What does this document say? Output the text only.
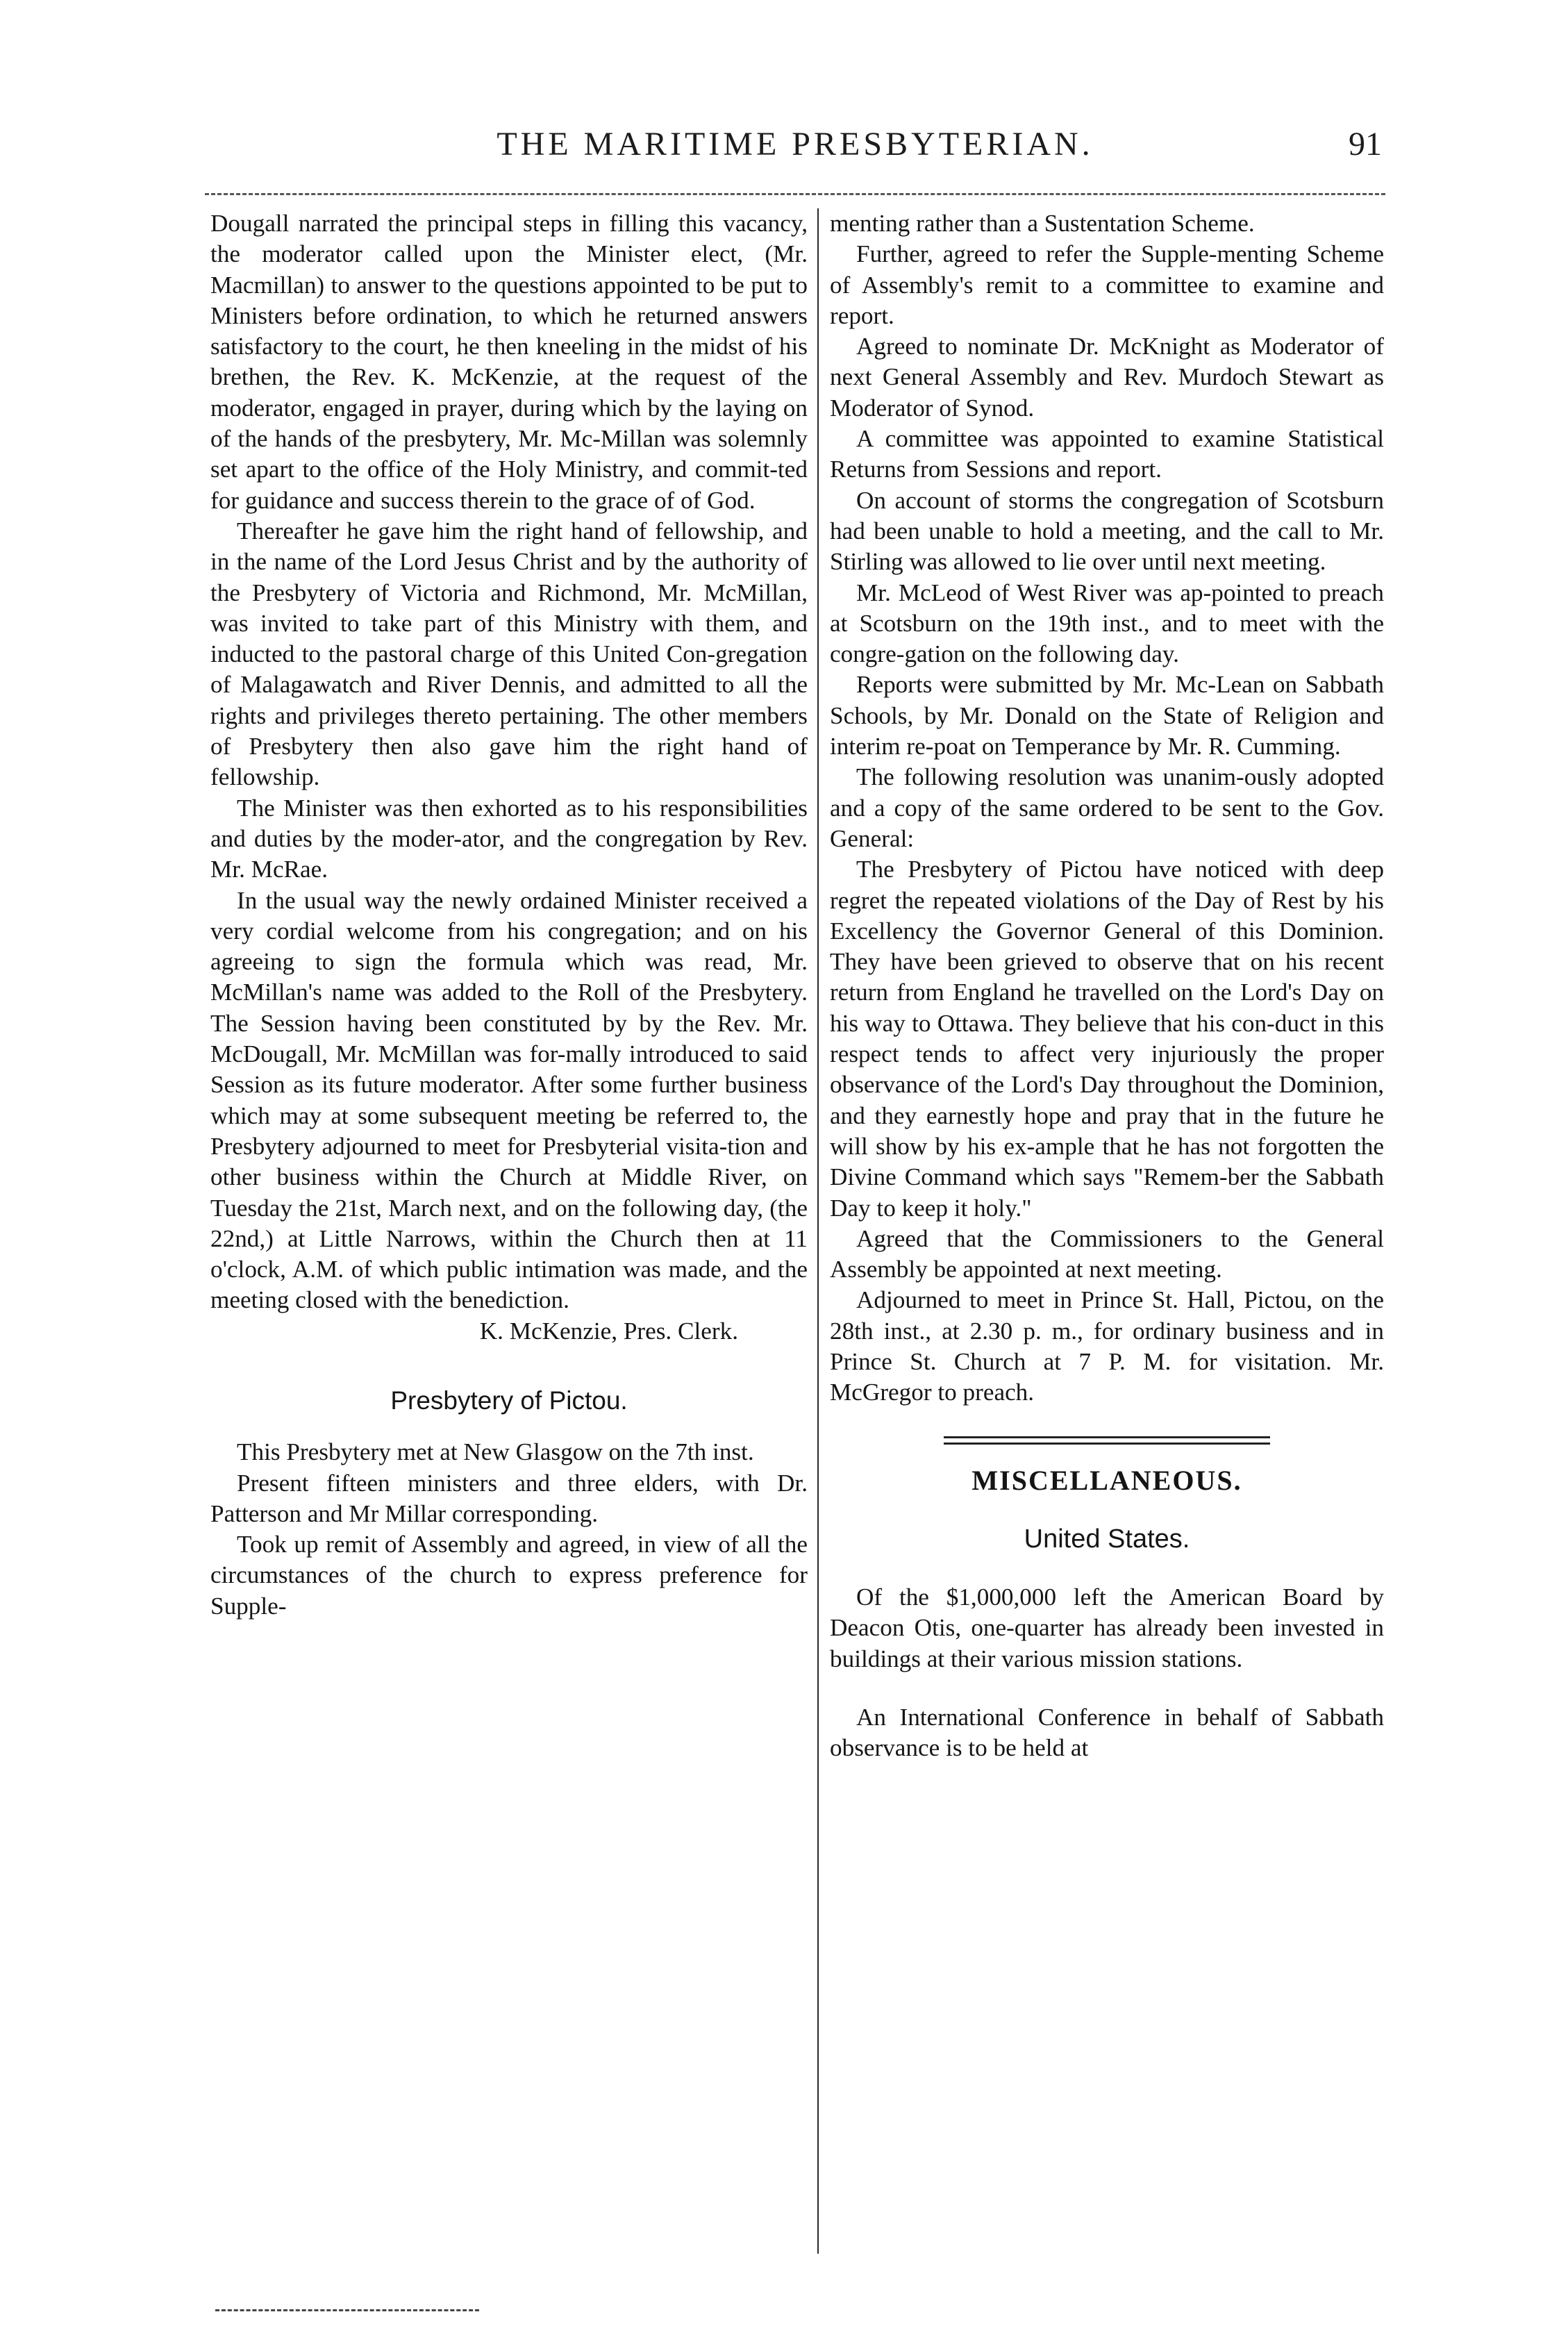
THE MARITIME PRESBYTERIAN.	91

Dougall narrated the principal steps in filling this vacancy, the moderator called upon the Minister elect, (Mr. Macmillan) to answer to the questions appointed to be put to Ministers before ordination, to which he returned answers satisfactory to the court, he then kneeling in the midst of his brethen, the Rev. K. McKenzie, at the request of the moderator, engaged in prayer, during which by the laying on of the hands of the presbytery, Mr. Mc-Millan was solemnly set apart to the office of the Holy Ministry, and commit-ted for guidance and success therein to the grace of of God.

Thereafter he gave him the right hand of fellowship, and in the name of the Lord Jesus Christ and by the authority of the Presbytery of Victoria and Richmond, Mr. McMillan, was invited to take part of this Ministry with them, and inducted to the pastoral charge of this United Con-gregation of Malagawatch and River Dennis, and admitted to all the rights and privileges thereto pertaining. The other members of Presbytery then also gave him the right hand of fellowship.

The Minister was then exhorted as to his responsibilities and duties by the moder-ator, and the congregation by Rev. Mr. McRae.

In the usual way the newly ordained Minister received a very cordial welcome from his congregation; and on his agreeing to sign the formula which was read, Mr. McMillan's name was added to the Roll of the Presbytery. The Session having been constituted by by the Rev. Mr. McDougall, Mr. McMillan was for-mally introduced to said Session as its future moderator. After some further business which may at some subsequent meeting be referred to, the Presbytery adjourned to meet for Presbyterial visita-tion and other business within the Church at Middle River, on Tuesday the 21st, March next, and on the following day, (the 22nd,) at Little Narrows, within the Church then at 11 o'clock, A.M. of which public intimation was made, and the meeting closed with the benediction.

K. McKenzie, Pres. Clerk.

Presbytery of Pictou.

This Presbytery met at New Glasgow on the 7th inst.

Present fifteen ministers and three elders, with Dr. Patterson and Mr Millar corresponding.

Took up remit of Assembly and agreed, in view of all the circumstances of the church to express preference for Supple-

menting rather than a Sustentation Scheme.

Further, agreed to refer the Supple-menting Scheme of Assembly's remit to a committee to examine and report.

Agreed to nominate Dr. McKnight as Moderator of next General Assembly and Rev. Murdoch Stewart as Moderator of Synod.

A committee was appointed to examine Statistical Returns from Sessions and report.

On account of storms the congregation of Scotsburn had been unable to hold a meeting, and the call to Mr. Stirling was allowed to lie over until next meeting.

Mr. McLeod of West River was ap-pointed to preach at Scotsburn on the 19th inst., and to meet with the congre-gation on the following day.

Reports were submitted by Mr. Mc-Lean on Sabbath Schools, by Mr. Donald on the State of Religion and interim re-poat on Temperance by Mr. R. Cumming.

The following resolution was unanim-ously adopted and a copy of the same ordered to be sent to the Gov. General:

The Presbytery of Pictou have noticed with deep regret the repeated violations of the Day of Rest by his Excellency the Governor General of this Dominion. They have been grieved to observe that on his recent return from England he travelled on the Lord's Day on his way to Ottawa. They believe that his con-duct in this respect tends to affect very injuriously the proper observance of the Lord's Day throughout the Dominion, and they earnestly hope and pray that in the future he will show by his ex-ample that he has not forgotten the Divine Command which says "Remem-ber the Sabbath Day to keep it holy."

Agreed that the Commissioners to the General Assembly be appointed at next meeting.

Adjourned to meet in Prince St. Hall, Pictou, on the 28th inst., at 2.30 p. m., for ordinary business and in Prince St. Church at 7 P. M. for visitation. Mr. McGregor to preach.

MISCELLANEOUS.
United States.

Of the $1,000,000 left the American Board by Deacon Otis, one-quarter has already been invested in buildings at their various mission stations.

An International Conference in behalf of Sabbath observance is to be held at
